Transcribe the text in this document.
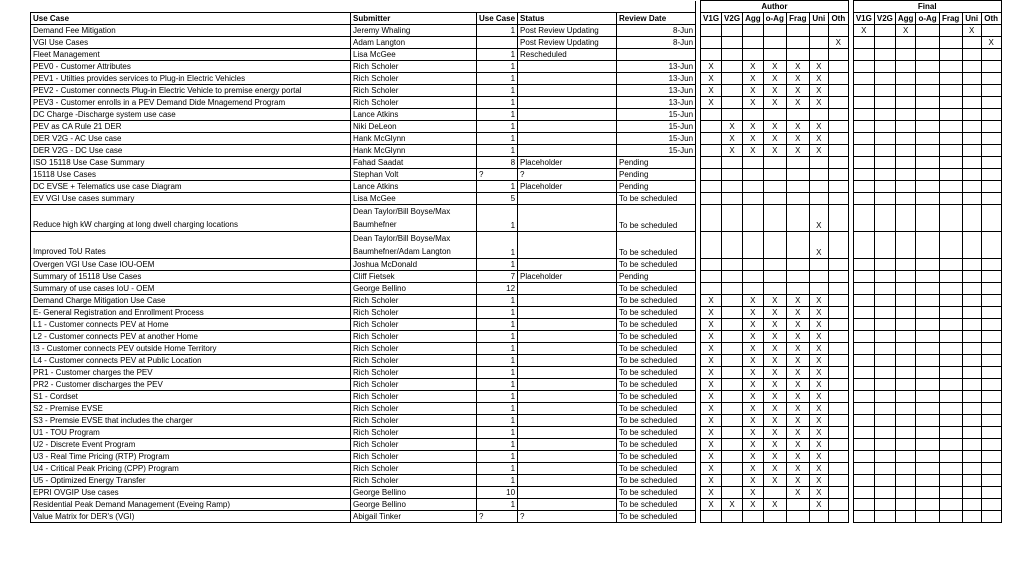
						Author								Final						
Use Case	Submitter	Use Case	Status	Review Date		V1G	V2G	Agg	o-Ag	Frag	Uni	Oth		V1G	V2G	Agg	o-Ag	Frag	Uni	Oth
Demand Fee Mitigation	Jeremy Whaling	1	Post Review Updating	8-Jun										X		X			X	
VGI Use Cases	Adam Langton		Post Review Updating	8-Jun								X								X
Fleet Management	Lisa McGee	1	Rescheduled																	
PEV0 - Customer Attributes	Rich Scholer	1		13-Jun		X		X	X	X	X									
PEV1 - Utilties provides services to Plug-in Electric Vehicles	Rich Scholer	1		13-Jun		X		X	X	X	X									
PEV2 - Customer connects Plug-in Electric Vehicle to premise energy portal	Rich Scholer	1		13-Jun		X		X	X	X	X									
PEV3 - Customer enrolls in a PEV Demand Dide Mnagemend Program	Rich Scholer	1		13-Jun		X		X	X	X	X									
DC Charge -Discharge system use case	Lance Atkins	1		15-Jun																
PEV as CA Rule 21 DER	Niki DeLeon	1		15-Jun			X	X	X	X	X									
DER V2G - AC Use case	Hank McGlynn	1		15-Jun			X	X	X	X	X									
DER V2G - DC Use case	Hank McGlynn	1		15-Jun			X	X	X	X	X									
ISO 15118 Use Case Summary	Fahad Saadat	8	Placeholder	Pending																
15118 Use Cases	Stephan Volt	?	?	Pending																
DC EVSE + Telematics use case Diagram	Lance Atkins	1	Placeholder	Pending																
EV VGI Use cases summary	Lisa McGee	5		To be scheduled																
Reduce high kW charging at long dwell charging locations	Dean Taylor/Bill Boyse/Max Baumhefner	1		To be scheduled							X									
Improved ToU Rates	Dean Taylor/Bill Boyse/Max Baumhefner/Adam Langton	1		To be scheduled							X									
Overgen VGI Use Case IOU-OEM	Joshua McDonald	1		To be scheduled																
Summary of 15118 Use Cases	Cliff Fietsek	7	Placeholder	Pending																
Summary of use cases IoU - OEM	George Bellino	12		To be scheduled																
Demand Charge Mitigation Use Case	Rich Scholer	1		To be scheduled		X		X	X	X	X									
E- General Registration and Enrollment Process	Rich Scholer	1		To be scheduled		X		X	X	X	X									
L1 - Customer connects PEV at Home	Rich Scholer	1		To be scheduled		X		X	X	X	X									
L2 - Customer connects PEV at another Home	Rich Scholer	1		To be scheduled		X		X	X	X	X									
I3 - Customer connects PEV outside Home Territory	Rich Scholer	1		To be scheduled		X		X	X	X	X									
L4 - Customer connects PEV at Public Location	Rich Scholer	1		To be scheduled		X		X	X	X	X									
PR1 - Customer charges the PEV	Rich Scholer	1		To be scheduled		X		X	X	X	X									
PR2 - Customer discharges the PEV	Rich Scholer	1		To be scheduled		X		X	X	X	X									
S1 - Cordset	Rich Scholer	1		To be scheduled		X		X	X	X	X									
S2 - Premise EVSE	Rich Scholer	1		To be scheduled		X		X	X	X	X									
S3 - Premsie EVSE that includes the charger	Rich Scholer	1		To be scheduled		X		X	X	X	X									
U1 - TOU Program	Rich Scholer	1		To be scheduled		X		X	X	X	X									
U2 - Discrete Event Program	Rich Scholer	1		To be scheduled		X		X	X	X	X									
U3 - Real Time Pricing (RTP) Program	Rich Scholer	1		To be scheduled		X		X	X	X	X									
U4 - Critical Peak Pricing (CPP) Program	Rich Scholer	1		To be scheduled		X		X	X	X	X									
U5 - Optimized Energy Transfer	Rich Scholer	1		To be scheduled		X		X	X	X	X									
EPRI OVGIP Use cases	George Bellino	10		To be scheduled		X		X		X	X									
Residential Peak Demand Management (Eveing Ramp)	George Bellino	1		To be scheduled		X	X	X	X		X									
Value Matrix for DER's (VGI)	Abigail Tinker	?	?	To be scheduled																
